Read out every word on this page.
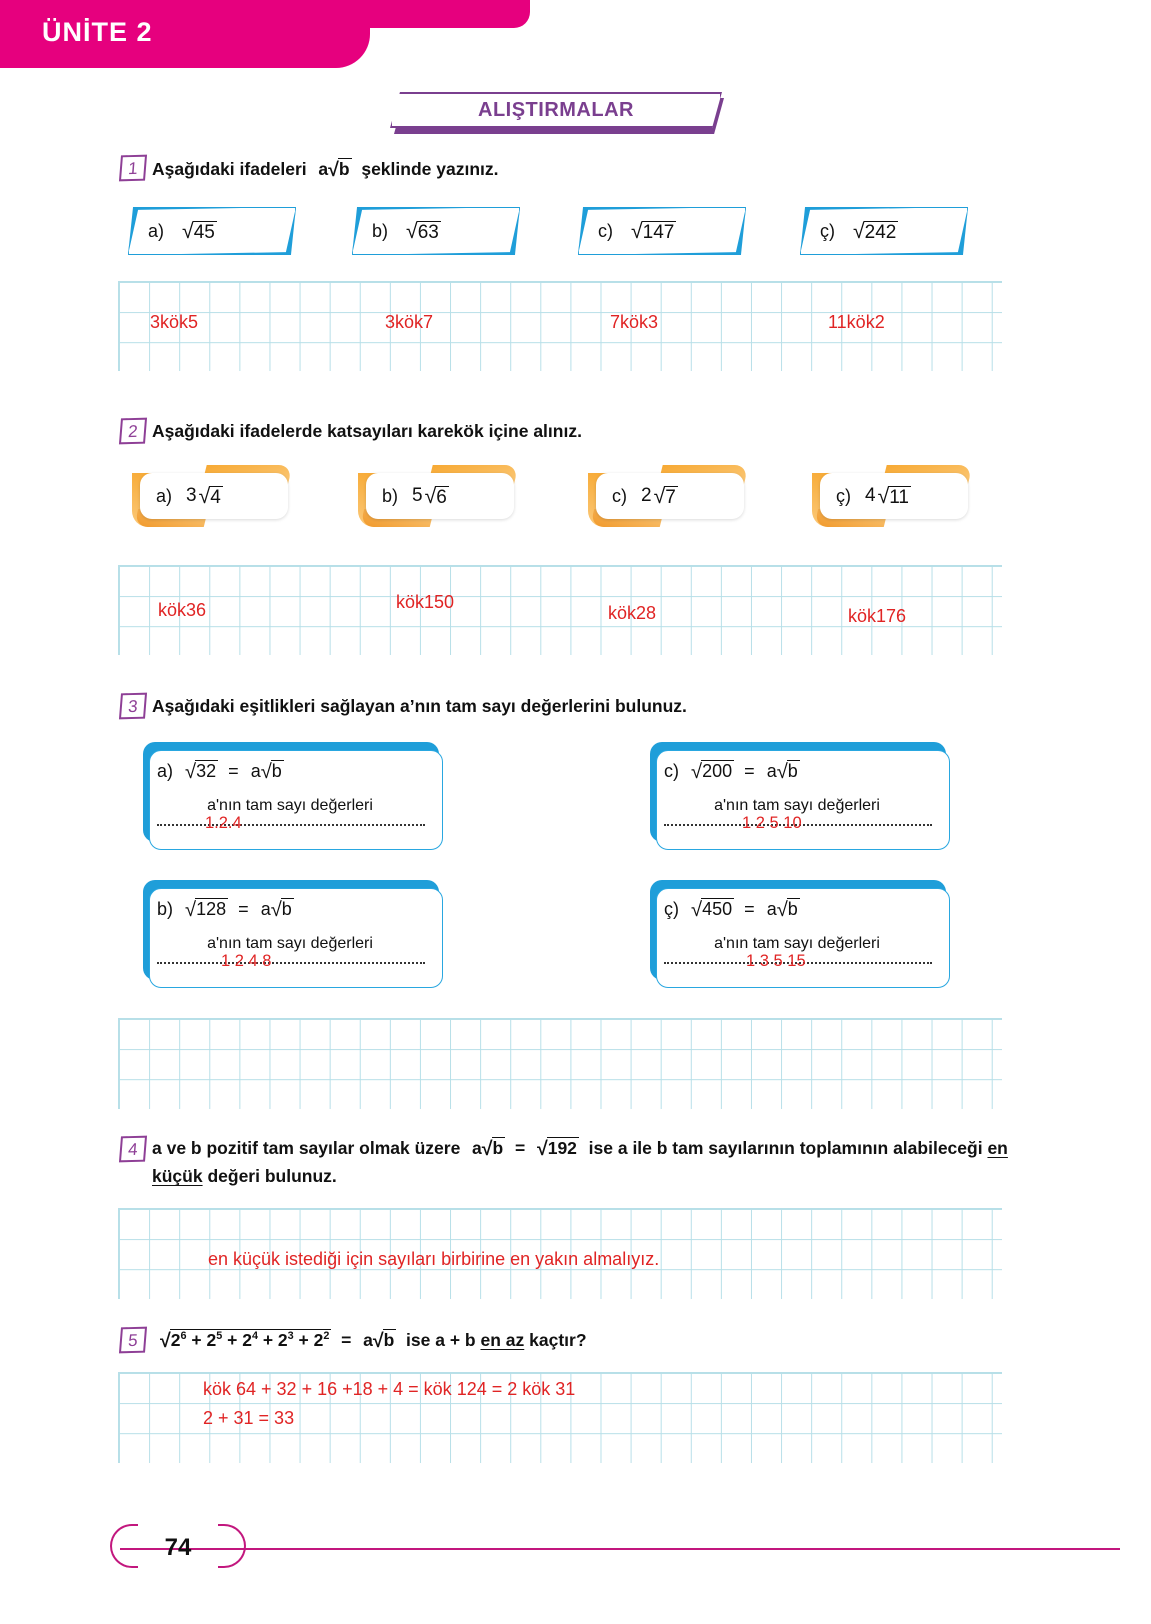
ÜNİTE 2
ALIŞTIRMALAR
1 Aşağıdaki ifadeleri  a√b şeklinde yazınız.
a) √45	b) √63	c) √147	ç) √242
3kök5	3kök7	7kök3	11kök2
2 Aşağıdaki ifadelerde katsayıları karekök içine alınız.
a) 3 √4	b) 5 √6	c) 2 √7	ç) 4 √11
kök36	kök150
kök28	kök176
3 Aşağıdaki eşitlikleri sağlayan a’nın tam sayı değerlerini bulunuz.
a) √32  =  a√b
a'nın tam sayı değerleri
1.2.4
c) √200  =  a√b
a'nın tam sayı değerleri
1 2 5 10
b) √128  =  a√b
a'nın tam sayı değerleri
1 2 4 8
ç) √450  =  a√b
a'nın tam sayı değerleri
1 3 5 15
4 a ve b pozitif tam sayılar olmak üzere a√b  =  √192 ise a ile b tam sayılarının toplamının alabileceği en küçük değeri bulunuz.
en küçük istediği için sayıları birbirine en yakın almalıyız.
5	$√2^6 + 2^5 + 2^4 + 2^3 + 2^2 = a√b$ ise a + b en az kaçtır?
kök 64 + 32 + 16 +18 + 4 = kök 124 = 2 kök 31
2 + 31 = 33
74
